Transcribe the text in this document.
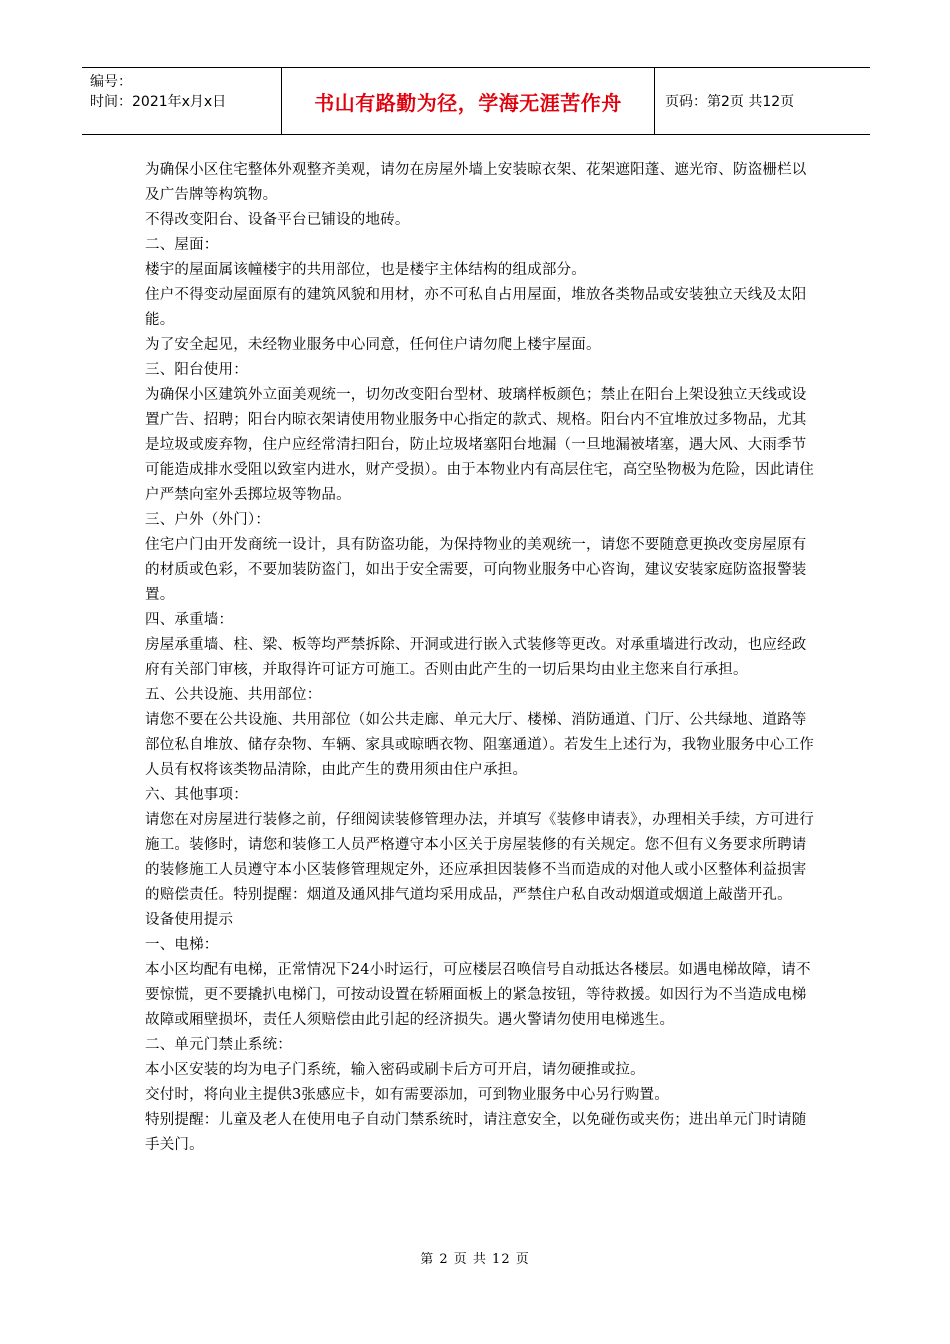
编号：
时间：2021年x月x日	书山有路勤为径，学海无涯苦作舟	页码：第2页 共12页

为确保小区住宅整体外观整齐美观，请勿在房屋外墙上安装晾衣架、花架遮阳蓬、遮光帘、防盗栅栏以及广告牌等构筑物。

不得改变阳台、设备平台已铺设的地砖。

二、屋面：

楼宇的屋面属该幢楼宇的共用部位，也是楼宇主体结构的组成部分。

住户不得变动屋面原有的建筑风貌和用材，亦不可私自占用屋面，堆放各类物品或安装独立天线及太阳能。

为了安全起见，未经物业服务中心同意，任何住户请勿爬上楼宇屋面。

三、阳台使用：

为确保小区建筑外立面美观统一，切勿改变阳台型材、玻璃样板颜色；禁止在阳台上架设独立天线或设置广告、招聘；阳台内晾衣架请使用物业服务中心指定的款式、规格。阳台内不宜堆放过多物品，尤其是垃圾或废弃物，住户应经常清扫阳台，防止垃圾堵塞阳台地漏（一旦地漏被堵塞，遇大风、大雨季节可能造成排水受阻以致室内进水，财产受损）。由于本物业内有高层住宅，高空坠物极为危险，因此请住户严禁向室外丢掷垃圾等物品。

三、户外（外门）：

住宅户门由开发商统一设计，具有防盗功能，为保持物业的美观统一，请您不要随意更换改变房屋原有的材质或色彩，不要加装防盗门，如出于安全需要，可向物业服务中心咨询，建议安装家庭防盗报警装置。

四、承重墙：

房屋承重墙、柱、梁、板等均严禁拆除、开洞或进行嵌入式装修等更改。对承重墙进行改动，也应经政府有关部门审核，并取得许可证方可施工。否则由此产生的一切后果均由业主您来自行承担。

五、公共设施、共用部位：

请您不要在公共设施、共用部位（如公共走廊、单元大厅、楼梯、消防通道、门厅、公共绿地、道路等部位私自堆放、储存杂物、车辆、家具或晾晒衣物、阻塞通道）。若发生上述行为，我物业服务中心工作人员有权将该类物品清除，由此产生的费用须由住户承担。

六、其他事项：

请您在对房屋进行装修之前，仔细阅读装修管理办法，并填写《装修申请表》，办理相关手续，方可进行施工。装修时，请您和装修工人员严格遵守本小区关于房屋装修的有关规定。您不但有义务要求所聘请的装修施工人员遵守本小区装修管理规定外，还应承担因装修不当而造成的对他人或小区整体利益损害的赔偿责任。特别提醒：烟道及通风排气道均采用成品，严禁住户私自改动烟道或烟道上敲凿开孔。

设备使用提示

一、电梯：

本小区均配有电梯，正常情况下24小时运行，可应楼层召唤信号自动抵达各楼层。如遇电梯故障，请不要惊慌，更不要撬扒电梯门，可按动设置在轿厢面板上的紧急按钮，等待救援。如因行为不当造成电梯故障或厢壁损坏，责任人须赔偿由此引起的经济损失。遇火警请勿使用电梯逃生。

二、单元门禁止系统：

本小区安装的均为电子门系统，输入密码或刷卡后方可开启，请勿硬推或拉。

交付时，将向业主提供3张感应卡，如有需要添加，可到物业服务中心另行购置。

特别提醒：儿童及老人在使用电子自动门禁系统时，请注意安全，以免碰伤或夹伤；进出单元门时请随手关门。

第 2 页 共 12 页
